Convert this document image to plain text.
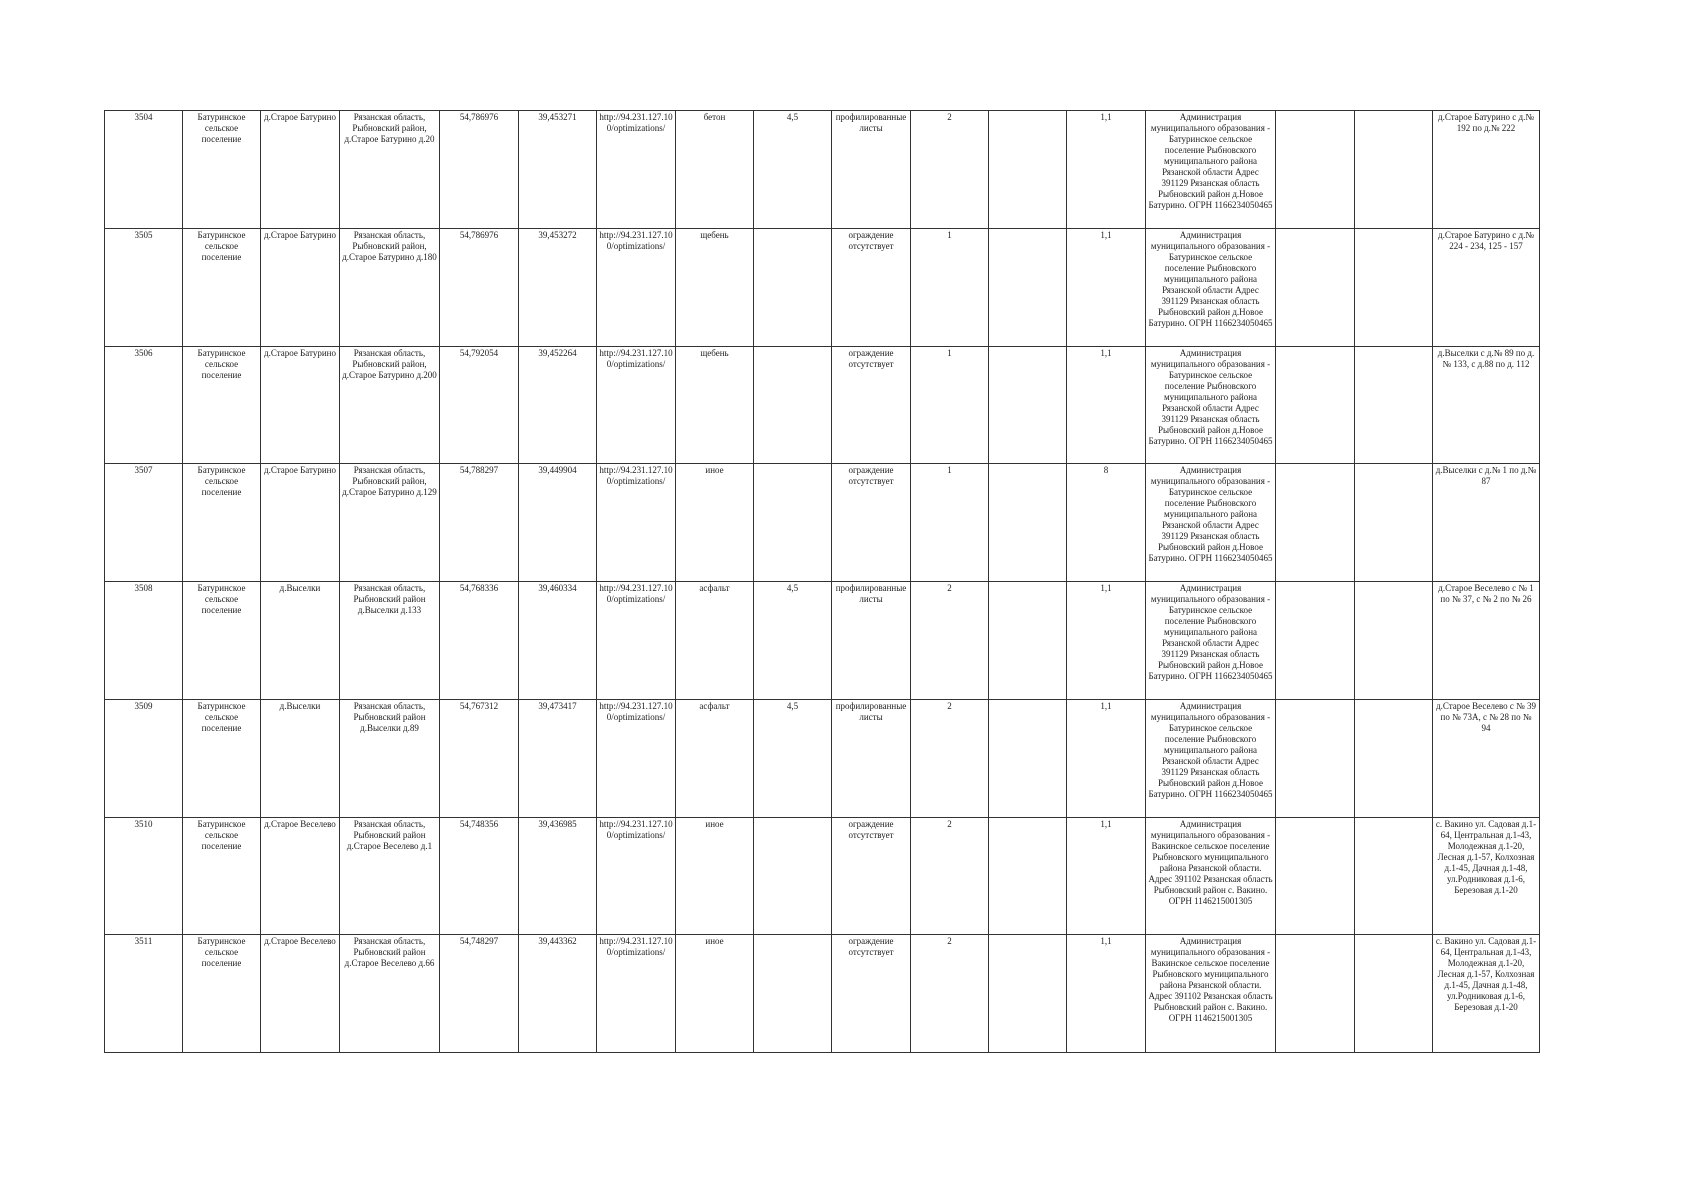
3504	Батуринское сельское поселение	д.Старое Батурино	Рязанская область, Рыбновский район, д.Старое Батурино д.20	54,786976	39,453271	http://94.231.127.100/optimizations/	бетон	4,5	профилированные листы	2		1,1	Администрация муниципального образования - Батуринское сельское поселение Рыбновского муниципального района Рязанской области Адрес 391129 Рязанская область Рыбновский район д.Новое Батурино. ОГРН 1166234050465			д.Старое Батурино с д.№ 192 по д.№ 222
3505	Батуринское сельское поселение	д.Старое Батурино	Рязанская область, Рыбновский район, д.Старое Батурино д.180	54,786976	39,453272	http://94.231.127.100/optimizations/	щебень		ограждение отсутствует	1		1,1	Администрация муниципального образования - Батуринское сельское поселение Рыбновского муниципального района Рязанской области Адрес 391129 Рязанская область Рыбновский район д.Новое Батурино. ОГРН 1166234050465			д.Старое Батурино с д.№ 224 - 234, 125 - 157
3506	Батуринское сельское поселение	д.Старое Батурино	Рязанская область, Рыбновский район, д.Старое Батурино д.200	54,792054	39,452264	http://94.231.127.100/optimizations/	щебень		ограждение отсутствует	1		1,1	Администрация муниципального образования - Батуринское сельское поселение Рыбновского муниципального района Рязанской области Адрес 391129 Рязанская область Рыбновский район д.Новое Батурино. ОГРН 1166234050465			д.Выселки с д.№ 89 по д.№ 133, с д.88 по д. 112
3507	Батуринское сельское поселение	д.Старое Батурино	Рязанская область, Рыбновский район, д.Старое Батурино д.129	54,788297	39,449904	http://94.231.127.100/optimizations/	иное		ограждение отсутствует	1		8	Администрация муниципального образования - Батуринское сельское поселение Рыбновского муниципального района Рязанской области Адрес 391129 Рязанская область Рыбновский район д.Новое Батурино. ОГРН 1166234050465			д.Выселки с д.№ 1 по д.№ 87
3508	Батуринское сельское поселение	д.Выселки	Рязанская область, Рыбновский район д.Выселки д.133	54,768336	39,460334	http://94.231.127.100/optimizations/	асфальт	4,5	профилированные листы	2		1,1	Администрация муниципального образования - Батуринское сельское поселение Рыбновского муниципального района Рязанской области Адрес 391129 Рязанская область Рыбновский район д.Новое Батурино. ОГРН 1166234050465			д.Старое Веселево с № 1 по № 37, с № 2 по № 26
3509	Батуринское сельское поселение	д.Выселки	Рязанская область, Рыбновский район д.Выселки д.89	54,767312	39,473417	http://94.231.127.100/optimizations/	асфальт	4,5	профилированные листы	2		1,1	Администрация муниципального образования - Батуринское сельское поселение Рыбновского муниципального района Рязанской области Адрес 391129 Рязанская область Рыбновский район д.Новое Батурино. ОГРН 1166234050465			д.Старое Веселево с № 39 по № 73А, с № 28 по № 94
3510	Батуринское сельское поселение	д.Старое Веселево	Рязанская область, Рыбновский район д.Старое Веселево д.1	54,748356	39,436985	http://94.231.127.100/optimizations/	иное		ограждение отсутствует	2		1,1	Администрация муниципального образования - Вакинское сельское поселение Рыбновского муниципального района Рязанской области. Адрес 391102 Рязанская область Рыбновский район с. Вакино. ОГРН 1146215001305			с. Вакино ул. Садовая д.1-64, Центральная д.1-43, Молодежная д.1-20, Лесная д.1-57, Колхозная д.1-45, Дачная д.1-48, ул.Родниковая д.1-6, Березовая д.1-20
3511	Батуринское сельское поселение	д.Старое Веселево	Рязанская область, Рыбновский район д.Старое Веселево д.66	54,748297	39,443362	http://94.231.127.100/optimizations/	иное		ограждение отсутствует	2		1,1	Администрация муниципального образования - Вакинское сельское поселение Рыбновского муниципального района Рязанской области. Адрес 391102 Рязанская область Рыбновский район с. Вакино. ОГРН 1146215001305			с. Вакино ул. Садовая д.1-64, Центральная д.1-43, Молодежная д.1-20, Лесная д.1-57, Колхозная д.1-45, Дачная д.1-48, ул.Родниковая д.1-6, Березовая д.1-20
